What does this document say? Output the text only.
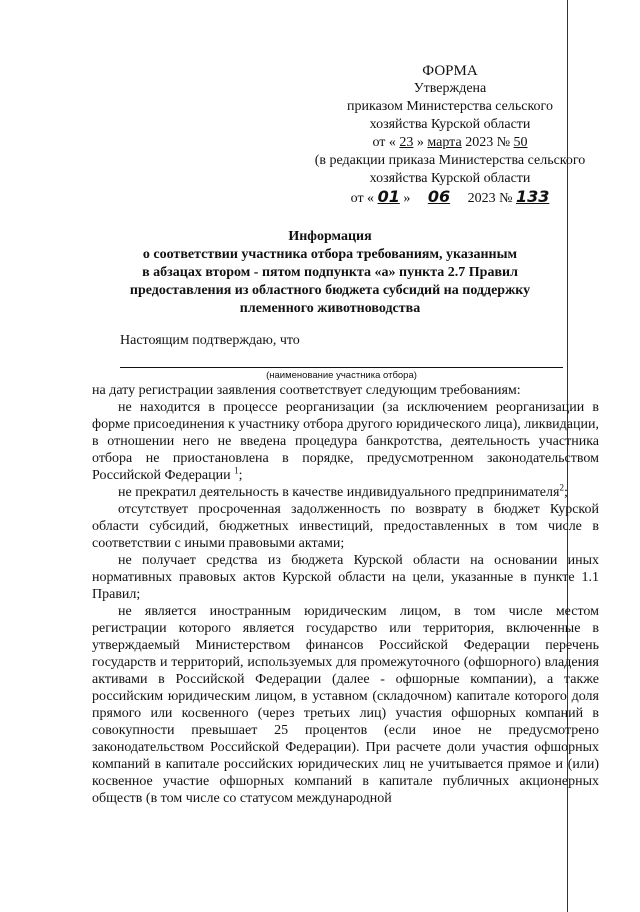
ФОРМА
Утверждена
приказом Министерства сельского
хозяйства Курской области
от « 23 » марта 2023 № 50
(в редакции приказа Министерства сельского
хозяйства Курской области
от « 01 » 06 2023 № 133
Информация
о соответствии участника отбора требованиям, указанным
в абзацах втором - пятом подпункта «а» пункта 2.7 Правил
предоставления из областного бюджета субсидий на поддержку
племенного животноводства
Настоящим подтверждаю, что
(наименование участника отбора)

на дату регистрации заявления соответствует следующим требованиям:

не находится в процессе реорганизации (за исключением реорганизации в форме присоединения к участнику отбора другого юридического лица), ликвидации, в отношении него не введена процедура банкротства, деятельность участника отбора не приостановлена в порядке, предусмотренном законодательством Российской Федерации $^1$;

не прекратил деятельность в качестве индивидуального предпринимателя$^2$;

отсутствует просроченная задолженность по возврату в бюджет Курской области субсидий, бюджетных инвестиций, предоставленных в том числе в соответствии с иными правовыми актами;

не получает средства из бюджета Курской области на основании иных нормативных правовых актов Курской области на цели, указанные в пункте 1.1 Правил;

не является иностранным юридическим лицом, в том числе местом регистрации которого является государство или территория, включенные в утверждаемый Министерством финансов Российской Федерации перечень государств и территорий, используемых для промежуточного (офшорного) владения активами в Российской Федерации (далее - офшорные компании), а также российским юридическим лицом, в уставном (складочном) капитале которого доля прямого или косвенного (через третьих лиц) участия офшорных компаний в совокупности превышает 25 процентов (если иное не предусмотрено законодательством Российской Федерации). При расчете доли участия офшорных компаний в капитале российских юридических лиц не учитывается прямое и (или) косвенное участие офшорных компаний в капитале публичных акционерных обществ (в том числе со статусом международной
